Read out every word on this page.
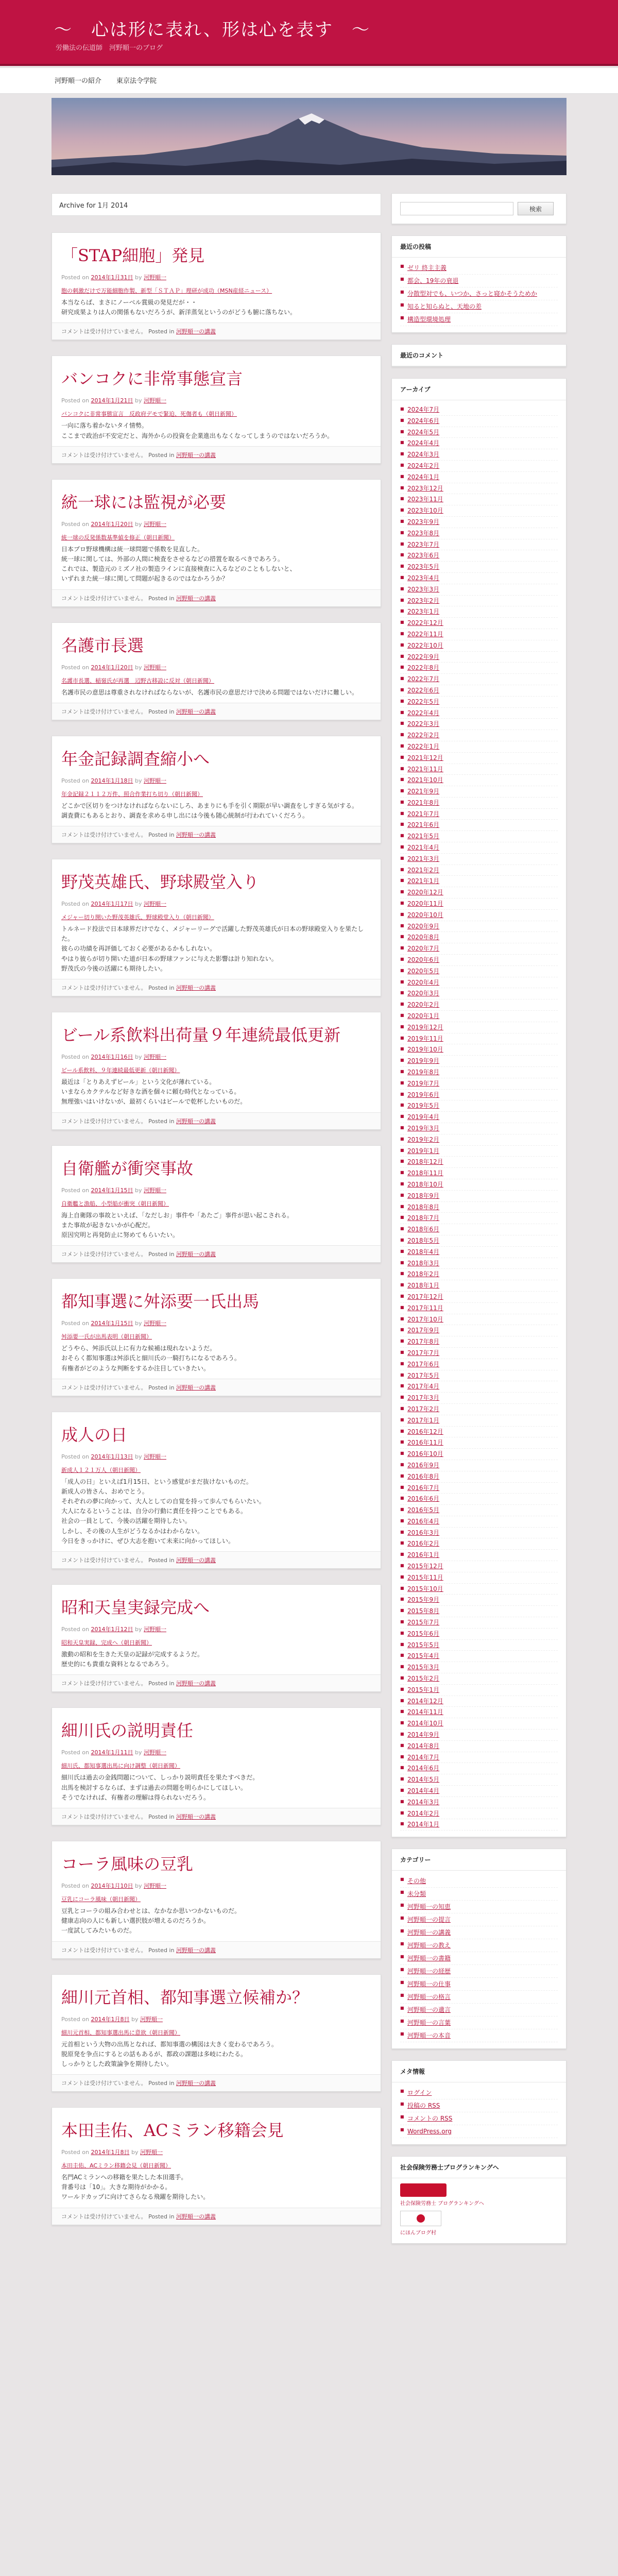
〜　心は形に表れ、形は心を表す　〜
労働法の伝道師　河野順一のブログ
河野順一の紹介	東京法令学院
Archive for 1月 2014
「STAP細胞」発見
Posted on 2014年1月31日 by 河野順一
胞の刺激だけで万能細胞作製、新型「ＳＴＡＰ」理研が成功（MSN産経ニュース）

本当ならば、まさにノーベル賞級の発見だが・・

研究成果よりは人の関係もないだろうが、新洋蒸気というのがどうも腑に落ちない。

コメントは受け付けていません。 Posted in 河野順一の講義
バンコクに非常事態宣言
Posted on 2014年1月21日 by 河野順一
バンコクに非常事態宣言　反政府デモで緊迫、死傷者も（朝日新聞）

一向に落ち着かないタイ情勢。

ここまで政治が不安定だと、海外からの投資を企業進出もなくなってしまうのではないだろうか。

コメントは受け付けていません。 Posted in 河野順一の講義
統一球には監視が必要
Posted on 2014年1月20日 by 河野順一
統一球の反発係数基準値を修正（朝日新聞）

日本プロ野球機構は統一球問題で係数を見直した。

統一球に関しては、外部の人間に検査をさせるなどの措置を取るべきであろう。

これでは、製造元のミズノ社の製造ラインに直接検査に入るなどのこともしないと、

いずれまた統一球に関して問題が起きるのではなかろうか？

コメントは受け付けていません。 Posted in 河野順一の講義
名護市長選
Posted on 2014年1月20日 by 河野順一
名護市長選、稲嶺氏が再選　辺野古移設に反対（朝日新聞）

名護市民の意思は尊重されなければならないが、名護市民の意思だけで決める問題ではないだけに難しい。

コメントは受け付けていません。 Posted in 河野順一の講義
年金記録調査縮小へ
Posted on 2014年1月18日 by 河野順一
年金記録２１１２万件、照合作業打ち切り（朝日新聞）

どこかで区切りをつけなければならないにしろ、あまりにも手を引く期限が早い調査をしすぎる気がする。

調査費にもあるとおり、調査を求める申し出には今後も随心統制が行われていくだろう。

コメントは受け付けていません。 Posted in 河野順一の講義
野茂英雄氏、野球殿堂入り
Posted on 2014年1月17日 by 河野順一
メジャー切り開いた野茂英雄氏、野球殿堂入り（朝日新聞）

トルネード投法で日本球界だけでなく、メジャーリーグで活躍した野茂英雄氏が日本の野球殿堂入りを果たした。

彼らの功績を再評価しておく必要があるかもしれない。

やはり彼らが切り開いた道が日本の野球ファンに与えた影響は計り知れない。

野茂氏の今後の活躍にも期待したい。

コメントは受け付けていません。 Posted in 河野順一の講義
ビール系飲料出荷量９年連続最低更新
Posted on 2014年1月16日 by 河野順一
ビール系飲料、９年連続最低更新（朝日新聞）

最近は「とりあえずビール」という文化が薄れている。

いまならカクテルなど好きな酒を個々に頼む時代となっている。

無理強いはいけないが、最初くらいはビールで乾杯したいものだ。

コメントは受け付けていません。 Posted in 河野順一の講義
自衛艦が衝突事故
Posted on 2014年1月15日 by 河野順一
自衛艦と漁船、小型船が衝突（朝日新聞）

海上自衛隊の事故といえば、「なだしお」事件や「あたご」事件が思い起こされる。

また事故が起きないかが心配だ。

原因究明と再発防止に努めてもらいたい。

コメントは受け付けていません。 Posted in 河野順一の講義
都知事選に舛添要一氏出馬
Posted on 2014年1月15日 by 河野順一
舛添要一氏が出馬表明（朝日新聞）

どうやら、舛添氏以上に有力な候補は現れないようだ。

おそらく都知事選は舛添氏と細川氏の一騎打ちになるであろう。

有権者がどのような判断をするか注目していきたい。

コメントは受け付けていません。 Posted in 河野順一の講義
成人の日
Posted on 2014年1月13日 by 河野順一
新成人１２１万人（朝日新聞）

「成人の日」といえば1月15日、という感覚がまだ抜けないものだ。

新成人の皆さん、おめでとう。

それぞれの夢に向かって、大人としての自覚を持って歩んでもらいたい。

大人になるということは、自分の行動に責任を持つことでもある。

社会の一員として、今後の活躍を期待したい。

しかし、その後の人生がどうなるかはわからない。

今日をきっかけに、ぜひ大志を抱いて未来に向かってほしい。

コメントは受け付けていません。 Posted in 河野順一の講義
昭和天皇実録完成へ
Posted on 2014年1月12日 by 河野順一
昭和天皇実録、完成へ（朝日新聞）

激動の昭和を生きた天皇の記録が完成するようだ。

歴史的にも貴重な資料となるであろう。

コメントは受け付けていません。 Posted in 河野順一の講義
細川氏の説明責任
Posted on 2014年1月11日 by 河野順一
細川氏、都知事選出馬に向け調整（朝日新聞）

細川氏は過去の金銭問題について、しっかり説明責任を果たすべきだ。

出馬を検討するならば、まずは過去の問題を明らかにしてほしい。

そうでなければ、有権者の理解は得られないだろう。

コメントは受け付けていません。 Posted in 河野順一の講義
コーラ風味の豆乳
Posted on 2014年1月10日 by 河野順一
豆乳にコーラ風味（朝日新聞）

豆乳とコーラの組み合わせとは、なかなか思いつかないものだ。

健康志向の人にも新しい選択肢が増えるのだろうか。

一度試してみたいものだ。

コメントは受け付けていません。 Posted in 河野順一の講義
細川元首相、都知事選立候補か？
Posted on 2014年1月8日 by 河野順一
細川元首相、都知事選出馬に意欲（朝日新聞）

元首相という大物の出馬となれば、都知事選の構図は大きく変わるであろう。

脱原発を争点にするとの話もあるが、都政の課題は多岐にわたる。

しっかりとした政策論争を期待したい。

コメントは受け付けていません。 Posted in 河野順一の講義
本田圭佑、ACミラン移籍会見
Posted on 2014年1月8日 by 河野順一
本田圭佑、ACミラン移籍会見（朝日新聞）

名門ACミランへの移籍を果たした本田選手。

背番号は「10」。大きな期待がかかる。

ワールドカップに向けてさらなる飛躍を期待したい。

コメントは受け付けていません。 Posted in 河野順一の講義
検索
最近の投稿
■ ゼリ 終主主義
■ 都会、19年の衰退
■ 分散型対でも、いつか、さっと寝かそうためか
■ 知ると知らぬと、天地の差
■ 構造型環境処理
最近のコメント
アーカイブ
■ 2024年7月
■ 2024年6月
■ 2024年5月
■ 2024年4月
■ 2024年3月
■ 2024年2月
■ 2024年1月
■ 2023年12月
■ 2023年11月
■ 2023年10月
■ 2023年9月
■ 2023年8月
■ 2023年7月
■ 2023年6月
■ 2023年5月
■ 2023年4月
■ 2023年3月
■ 2023年2月
■ 2023年1月
■ 2022年12月
■ 2022年11月
■ 2022年10月
■ 2022年9月
■ 2022年8月
■ 2022年7月
■ 2022年6月
■ 2022年5月
■ 2022年4月
■ 2022年3月
■ 2022年2月
■ 2022年1月
■ 2021年12月
■ 2021年11月
■ 2021年10月
■ 2021年9月
■ 2021年8月
■ 2021年7月
■ 2021年6月
■ 2021年5月
■ 2021年4月
■ 2021年3月
■ 2021年2月
■ 2021年1月
■ 2020年12月
■ 2020年11月
■ 2020年10月
■ 2020年9月
■ 2020年8月
■ 2020年7月
■ 2020年6月
■ 2020年5月
■ 2020年4月
■ 2020年3月
■ 2020年2月
■ 2020年1月
■ 2019年12月
■ 2019年11月
■ 2019年10月
■ 2019年9月
■ 2019年8月
■ 2019年7月
■ 2019年6月
■ 2019年5月
■ 2019年4月
■ 2019年3月
■ 2019年2月
■ 2019年1月
■ 2018年12月
■ 2018年11月
■ 2018年10月
■ 2018年9月
■ 2018年8月
■ 2018年7月
■ 2018年6月
■ 2018年5月
■ 2018年4月
■ 2018年3月
■ 2018年2月
■ 2018年1月
■ 2017年12月
■ 2017年11月
■ 2017年10月
■ 2017年9月
■ 2017年8月
■ 2017年7月
■ 2017年6月
■ 2017年5月
■ 2017年4月
■ 2017年3月
■ 2017年2月
■ 2017年1月
■ 2016年12月
■ 2016年11月
■ 2016年10月
■ 2016年9月
■ 2016年8月
■ 2016年7月
■ 2016年6月
■ 2016年5月
■ 2016年4月
■ 2016年3月
■ 2016年2月
■ 2016年1月
■ 2015年12月
■ 2015年11月
■ 2015年10月
■ 2015年9月
■ 2015年8月
■ 2015年7月
■ 2015年6月
■ 2015年5月
■ 2015年4月
■ 2015年3月
■ 2015年2月
■ 2015年1月
■ 2014年12月
■ 2014年11月
■ 2014年10月
■ 2014年9月
■ 2014年8月
■ 2014年7月
■ 2014年6月
■ 2014年5月
■ 2014年4月
■ 2014年3月
■ 2014年2月
■ 2014年1月
カテゴリー
■ その他
■ 未分類
■ 河野順一の知恵
■ 河野順一の提言
■ 河野順一の講義
■ 河野順一の教え
■ 河野順一の書籍
■ 河野順一の経歴
■ 河野順一の仕事
■ 河野順一の格言
■ 河野順一の遺言
■ 河野順一の言葉
■ 河野順一の本音
メタ情報
■ ログイン
■ 投稿の RSS
■ コメントの RSS
■ WordPress.org
社会保険労務士ブログランキングへ
社会保険労務士 ブログランキングへ
にほんブログ村
